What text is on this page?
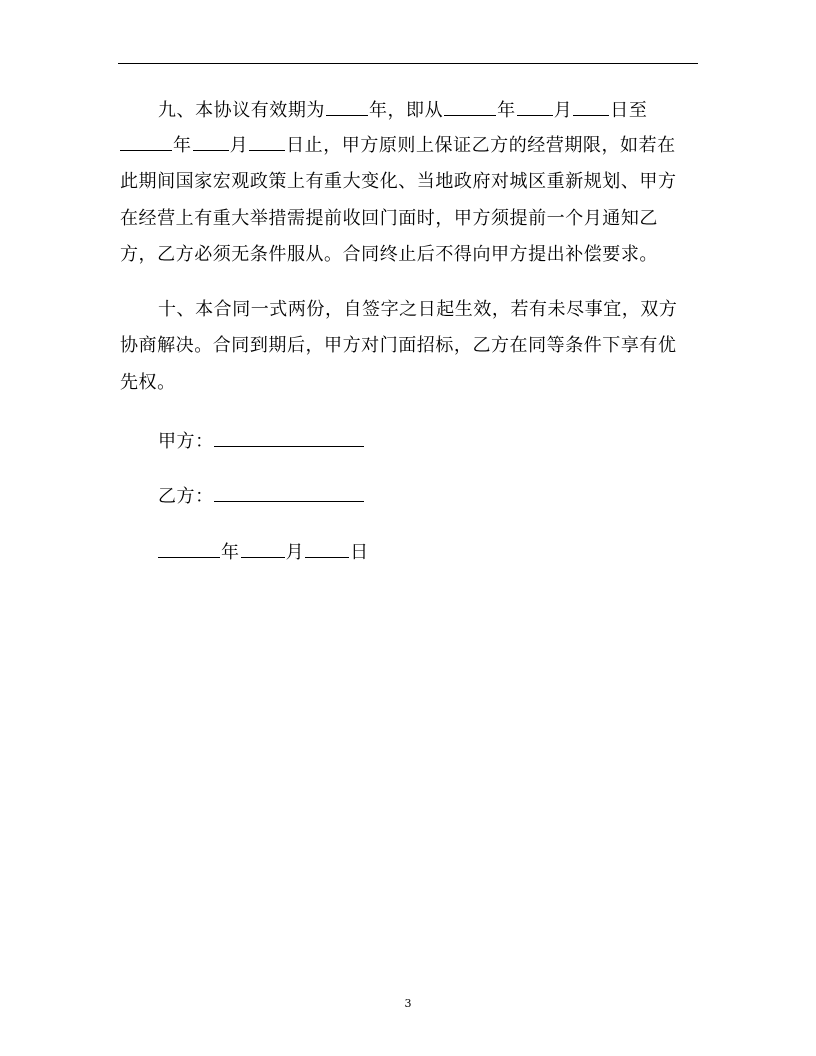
九、本协议有效期为 年，即从	年 月 日至
年 月 日止，甲方原则上保证乙方的经营期限，如若在
此期间国家宏观政策上有重大变化、当地政府对城区重新规划、甲方
在经营上有重大举措需提前收回门面时，甲方须提前一个月通知乙
方，乙方必须无条件服从。合同终止后不得向甲方提出补偿要求。
十、本合同一式两份，自签字之日起生效，若有未尽事宜，双方
协商解决。合同到期后，甲方对门面招标，乙方在同等条件下享有优
先权。
甲方：
乙方：
年	月	日
3
